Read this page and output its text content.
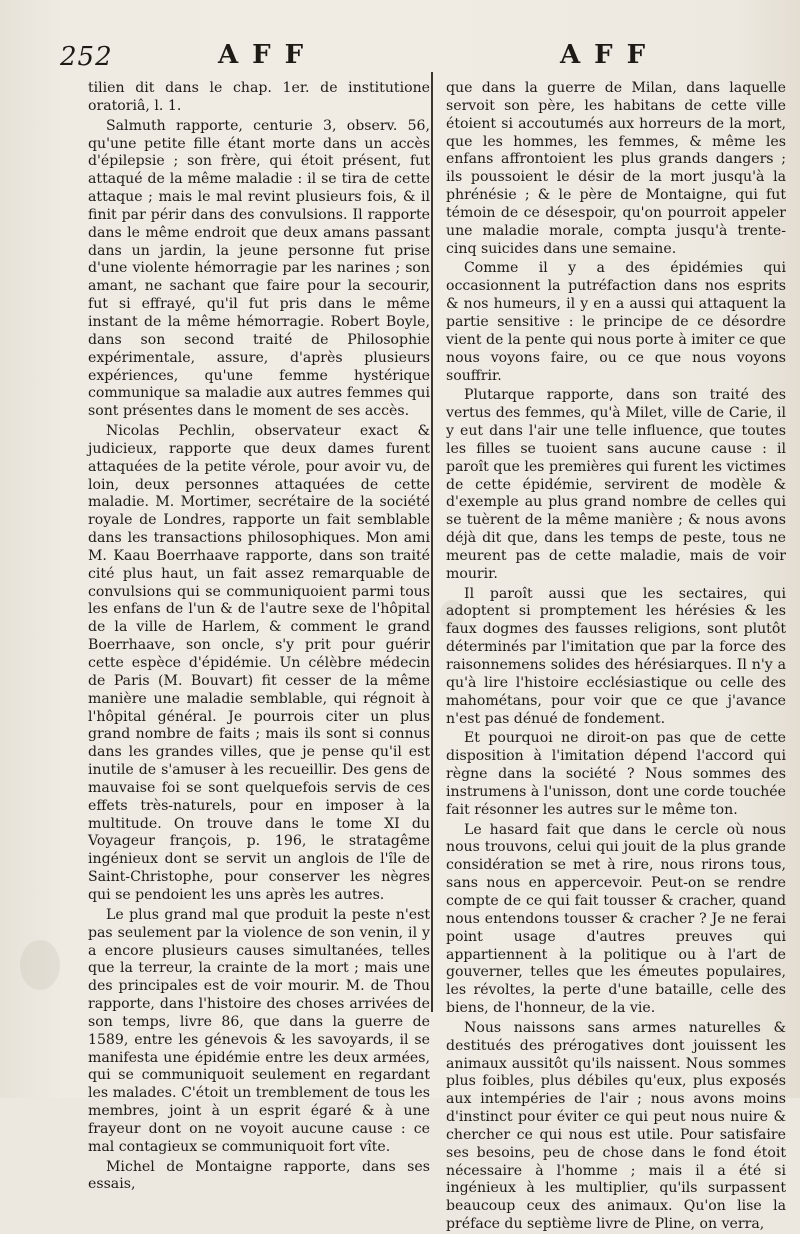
252	AFF	AFF

tilien dit dans le chap. 1er. de institutione oratoriâ, l. 1.

Salmuth rapporte, centurie 3, observ. 56, qu'une petite fille étant morte dans un accès d'épilepsie ; son frère, qui étoit présent, fut attaqué de la même maladie : il se tira de cette attaque ; mais le mal revint plusieurs fois, & il finit par périr dans des convulsions. Il rapporte dans le même endroit que deux amans passant dans un jardin, la jeune personne fut prise d'une violente hémorragie par les narines ; son amant, ne sachant que faire pour la secourir, fut si effrayé, qu'il fut pris dans le même instant de la même hémorragie. Robert Boyle, dans son second traité de Philosophie expérimentale, assure, d'après plusieurs expériences, qu'une femme hystérique communique sa maladie aux autres femmes qui sont présentes dans le moment de ses accès.

Nicolas Pechlin, observateur exact & judicieux, rapporte que deux dames furent attaquées de la petite vérole, pour avoir vu, de loin, deux personnes attaquées de cette maladie. M. Mortimer, secrétaire de la société royale de Londres, rapporte un fait semblable dans les transactions philosophiques. Mon ami M. Kaau Boerrhaave rapporte, dans son traité cité plus haut, un fait assez remarquable de convulsions qui se communiquoient parmi tous les enfans de l'un & de l'autre sexe de l'hôpital de la ville de Harlem, & comment le grand Boerrhaave, son oncle, s'y prit pour guérir cette espèce d'épidémie. Un célèbre médecin de Paris (M. Bouvart) fit cesser de la même manière une maladie semblable, qui régnoit à l'hôpital général. Je pourrois citer un plus grand nombre de faits ; mais ils sont si connus dans les grandes villes, que je pense qu'il est inutile de s'amuser à les recueillir. Des gens de mauvaise foi se sont quelquefois servis de ces effets très-naturels, pour en imposer à la multitude. On trouve dans le tome XI du Voyageur françois, p. 196, le stratagême ingénieux dont se servit un anglois de l'île de Saint-Christophe, pour conserver les nègres qui se pendoient les uns après les autres.

Le plus grand mal que produit la peste n'est pas seulement par la violence de son venin, il y a encore plusieurs causes simultanées, telles que la terreur, la crainte de la mort ; mais une des principales est de voir mourir. M. de Thou rapporte, dans l'histoire des choses arrivées de son temps, livre 86, que dans la guerre de 1589, entre les génevois & les savoyards, il se manifesta une épidémie entre les deux armées, qui se communiquoit seulement en regardant les malades. C'étoit un tremblement de tous les membres, joint à un esprit égaré & à une frayeur dont on ne voyoit aucune cause : ce mal contagieux se communiquoit fort vîte.

Michel de Montaigne rapporte, dans ses essais,

que dans la guerre de Milan, dans laquelle servoit son père, les habitans de cette ville étoient si accoutumés aux horreurs de la mort, que les hommes, les femmes, & même les enfans affrontoient les plus grands dangers ; ils poussoient le désir de la mort jusqu'à la phrénésie ; & le père de Montaigne, qui fut témoin de ce désespoir, qu'on pourroit appeler une maladie morale, compta jusqu'à trente-cinq suicides dans une semaine.

Comme il y a des épidémies qui occasionnent la putréfaction dans nos esprits & nos humeurs, il y en a aussi qui attaquent la partie sensitive : le principe de ce désordre vient de la pente qui nous porte à imiter ce que nous voyons faire, ou ce que nous voyons souffrir.

Plutarque rapporte, dans son traité des vertus des femmes, qu'à Milet, ville de Carie, il y eut dans l'air une telle influence, que toutes les filles se tuoient sans aucune cause : il paroît que les premières qui furent les victimes de cette épidémie, servirent de modèle & d'exemple au plus grand nombre de celles qui se tuèrent de la même manière ; & nous avons déjà dit que, dans les temps de peste, tous ne meurent pas de cette maladie, mais de voir mourir.

Il paroît aussi que les sectaires, qui adoptent si promptement les hérésies & les faux dogmes des fausses religions, sont plutôt déterminés par l'imitation que par la force des raisonnemens solides des hérésiarques. Il n'y a qu'à lire l'histoire ecclésiastique ou celle des mahométans, pour voir que ce que j'avance n'est pas dénué de fondement.

Et pourquoi ne diroit-on pas que de cette disposition à l'imitation dépend l'accord qui règne dans la société ? Nous sommes des instrumens à l'unisson, dont une corde touchée fait résonner les autres sur le même ton.

Le hasard fait que dans le cercle où nous nous trouvons, celui qui jouit de la plus grande considération se met à rire, nous rirons tous, sans nous en appercevoir. Peut-on se rendre compte de ce qui fait tousser & cracher, quand nous entendons tousser & cracher ? Je ne ferai point usage d'autres preuves qui appartiennent à la politique ou à l'art de gouverner, telles que les émeutes populaires, les révoltes, la perte d'une bataille, celle des biens, de l'honneur, de la vie.

Nous naissons sans armes naturelles & destitués des prérogatives dont jouissent les animaux aussitôt qu'ils naissent. Nous sommes plus foibles, plus débiles qu'eux, plus exposés aux intempéries de l'air ; nous avons moins d'instinct pour éviter ce qui peut nous nuire & chercher ce qui nous est utile. Pour satisfaire ses besoins, peu de chose dans le fond étoit nécessaire à l'homme ; mais il a été si ingénieux à les multiplier, qu'ils surpassent beaucoup ceux des animaux. Qu'on lise la préface du septième livre de Pline, on verra,
